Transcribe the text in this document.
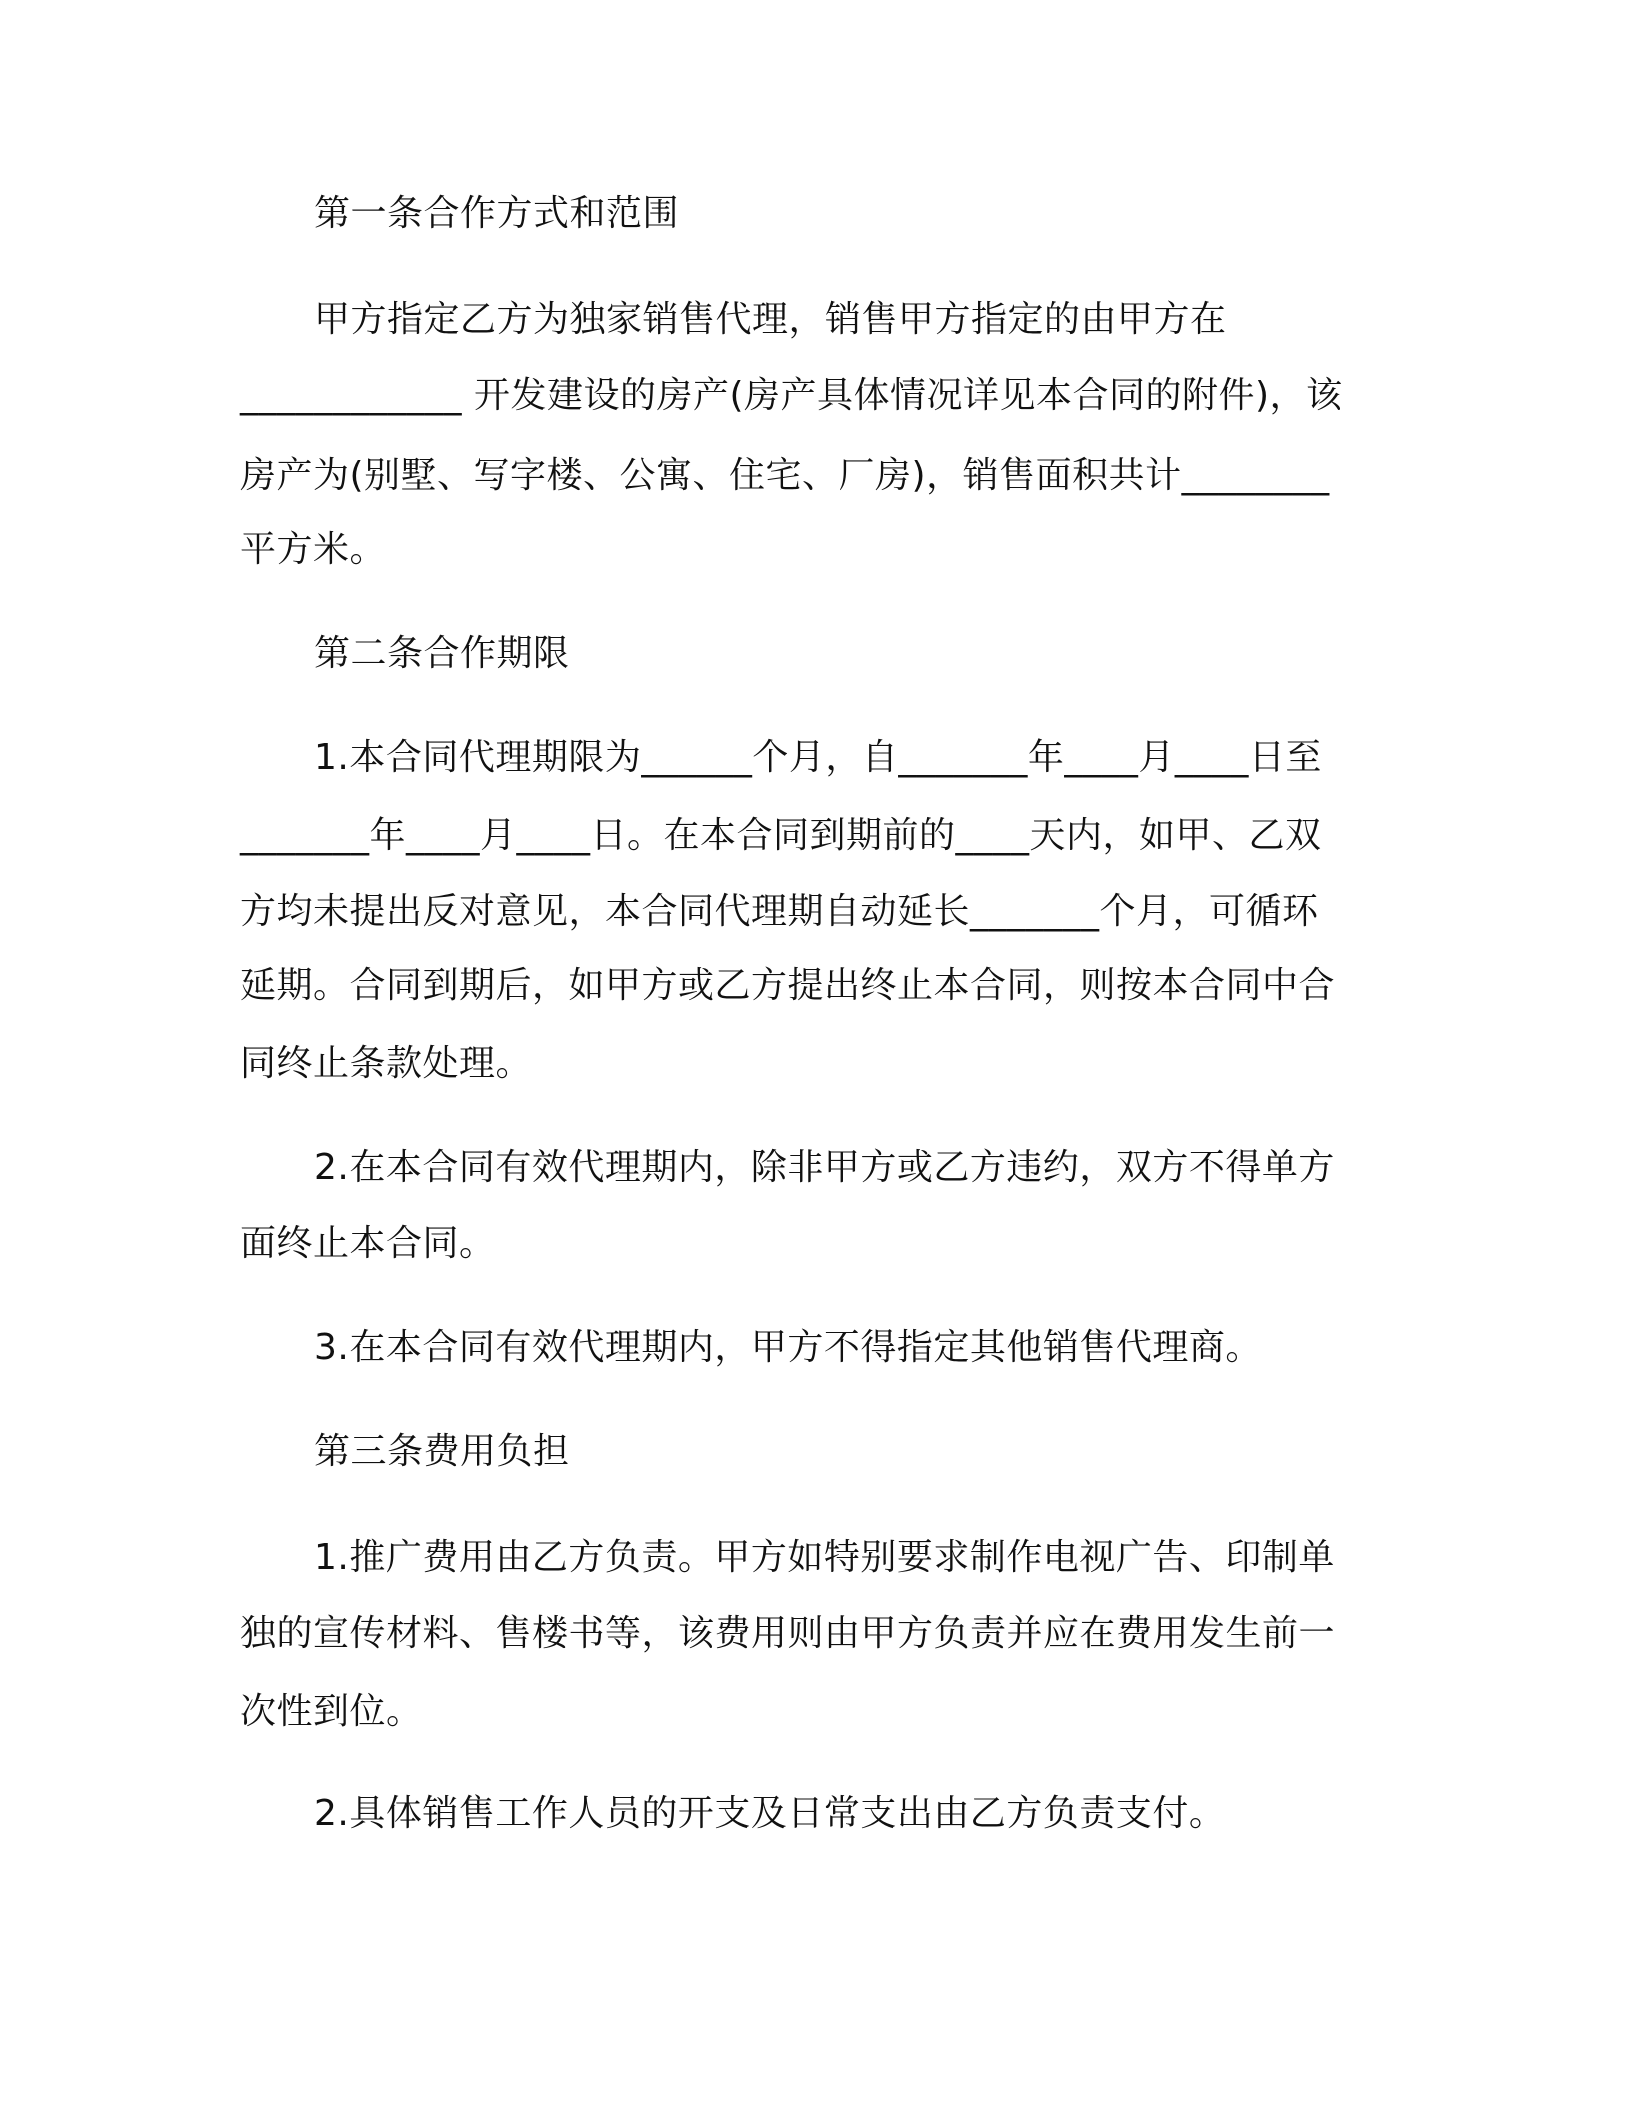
第一条合作方式和范围
甲方指定乙方为独家销售代理，销售甲方指定的由甲方在
____________ 开发建设的房产(房产具体情况详见本合同的附件)，该
房产为(别墅、写字楼、公寓、住宅、厂房)，销售面积共计________
平方米。
第二条合作期限
1.本合同代理期限为______个月，自_______年____月____日至
_______年____月____日。在本合同到期前的____天内，如甲、乙双
方均未提出反对意见，本合同代理期自动延长_______个月，可循环
延期。合同到期后，如甲方或乙方提出终止本合同，则按本合同中合
同终止条款处理。
2.在本合同有效代理期内，除非甲方或乙方违约，双方不得单方
面终止本合同。
3.在本合同有效代理期内，甲方不得指定其他销售代理商。
第三条费用负担
1.推广费用由乙方负责。甲方如特别要求制作电视广告、印制单
独的宣传材料、售楼书等，该费用则由甲方负责并应在费用发生前一
次性到位。
2.具体销售工作人员的开支及日常支出由乙方负责支付。
